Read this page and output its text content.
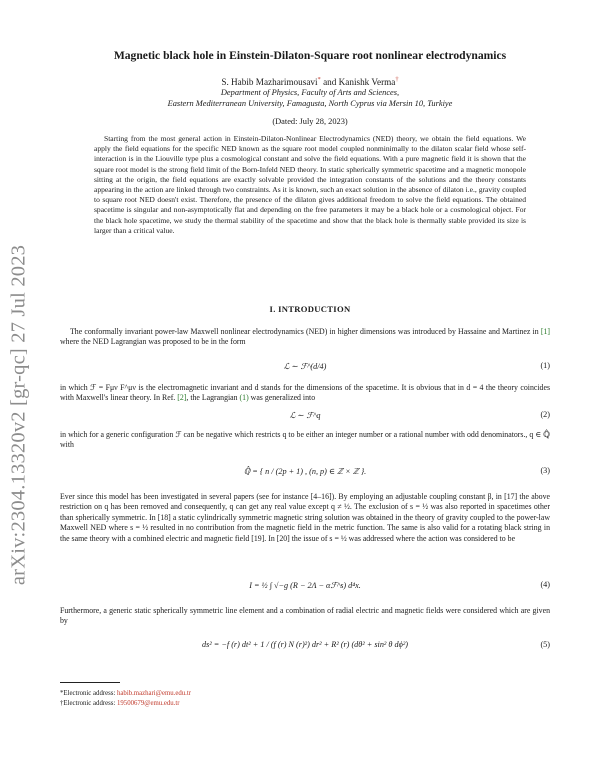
arXiv:2304.13320v2 [gr-qc] 27 Jul 2023
Magnetic black hole in Einstein-Dilaton-Square root nonlinear electrodynamics
S. Habib Mazharimousavi* and Kanishk Verma†
Department of Physics, Faculty of Arts and Sciences,
Eastern Mediterranean University, Famagusta, North Cyprus via Mersin 10, Turkiye
(Dated: July 28, 2023)

Starting from the most general action in Einstein-Dilaton-Nonlinear Electrodynamics (NED) theory, we obtain the field equations. We apply the field equations for the specific NED known as the square root model coupled nonminimally to the dilaton scalar field whose self-interaction is in the Liouville type plus a cosmological constant and solve the field equations. With a pure magnetic field it is shown that the square root model is the strong field limit of the Born-Infeld NED theory. In static spherically symmetric spacetime and a magnetic monopole sitting at the origin, the field equations are exactly solvable provided the integration constants of the solutions and the theory constants appearing in the action are linked through two constraints. As it is known, such an exact solution in the absence of dilaton i.e., gravity coupled to square root NED doesn't exist. Therefore, the presence of the dilaton gives additional freedom to solve the field equations. The obtained spacetime is singular and non-asymptotically flat and depending on the free parameters it may be a black hole or a cosmological object. For the black hole spacetime, we study the thermal stability of the spacetime and show that the black hole is thermally stable provided its size is larger than a critical value.

I. INTRODUCTION

The conformally invariant power-law Maxwell nonlinear electrodynamics (NED) in higher dimensions was introduced by Hassaine and Martinez in [1] where the NED Lagrangian was proposed to be in the form

ℒ ∼ ℱ^(d/4)	(1)

in which ℱ = Fμν F^μν is the electromagnetic invariant and d stands for the dimensions of the spacetime. It is obvious that in d = 4 the theory coincides with Maxwell's linear theory. In Ref. [2], the Lagrangian (1) was generalized into

ℒ ∼ ℱ^q	(2)

in which for a generic configuration ℱ can be negative which restricts q to be either an integer number or a rational number with odd denominators., q ∈ ℚ̂ with

ℚ̂ = { n / (2p + 1) , (n, p) ∈ ℤ × ℤ }.	(3)

Ever since this model has been investigated in several papers (see for instance [4–16]). By employing an adjustable coupling constant β, in [17] the above restriction on q has been removed and consequently, q can get any real value except q ≠ ½. The exclusion of s = ½ was also reported in spacetimes other than spherically symmetric. In [18] a static cylindrically symmetric magnetic string solution was obtained in the theory of gravity coupled to the power-law Maxwell NED where s = ½ resulted in no contribution from the magnetic field in the metric function. The same is also valid for a rotating black string in the same theory with a combined electric and magnetic field [19]. In [20] the issue of s = ½ was addressed where the action was considered to be

I = ½ ∫ √−g (R − 2Λ − αℱ^s) d⁴x.	(4)

Furthermore, a generic static spherically symmetric line element and a combination of radial electric and magnetic fields were considered which are given by

ds² = −f (r) dt² + 1 / (f (r) N (r)²) dr² + R² (r) (dθ² + sin² θ dϕ²)	(5)
*Electronic address: habib.mazhari@emu.edu.tr
†Electronic address: 19500679@emu.edu.tr
